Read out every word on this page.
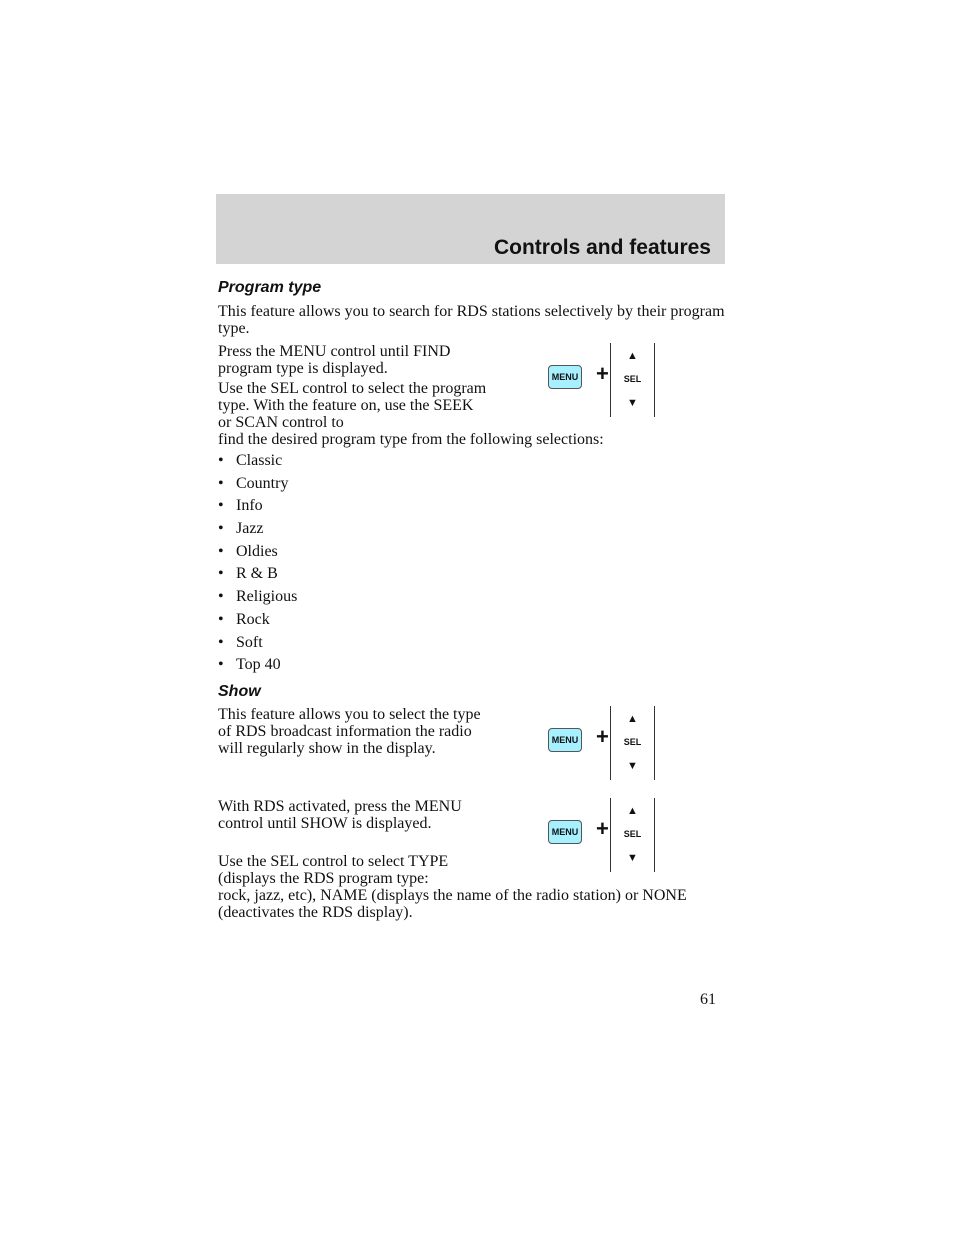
Controls and features
Program type

This feature allows you to search for RDS stations selectively by their program type.

Press the MENU control until FIND program type is displayed.

Use the SEL control to select the program type. With the feature on, use the SEEK or SCAN control to

find the desired program type from the following selections:

MENU +
▲
SEL
▼
• Classic
• Country
• Info
• Jazz
• Oldies
• R & B
• Religious
• Rock
• Soft
• Top 40
Show

This feature allows you to select the type of RDS broadcast information the radio will regularly show in the display.	MENU +
▲
SEL
▼

With RDS activated, press the MENU control until SHOW is displayed.	MENU +
▲
SEL
▼

Use the SEL control to select TYPE (displays the RDS program type:

rock, jazz, etc), NAME (displays the name of the radio station) or NONE (deactivates the RDS display).

61
